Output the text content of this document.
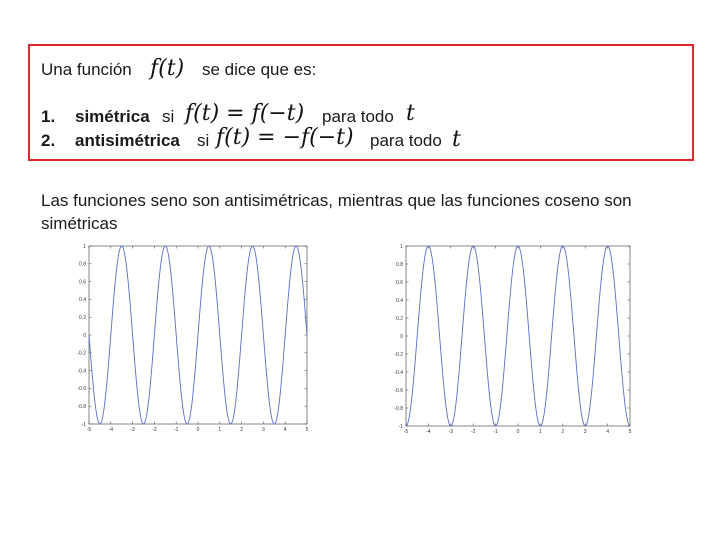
Una función f(t) se dice que es:
1. simétrica si f(t) = f(−t) para todo t
2. antisimétrica si f(t) = −f(−t) para todo t
Las funciones seno son antisimétricas, mientras que las funciones coseno son simétricas
-5	-4	-3	-2	-1	0	1	2	3	4	5
1
0.8
0.6
0.4
0.2
0
-0.2
-0.4
-0.6
-0.8
-1
-5	-4	-3	-2	-1	0	1	2	3	4	5
1
0.8
0.6
0.4
0.2
0
-0.2
-0.4
-0.6
-0.8
-1
